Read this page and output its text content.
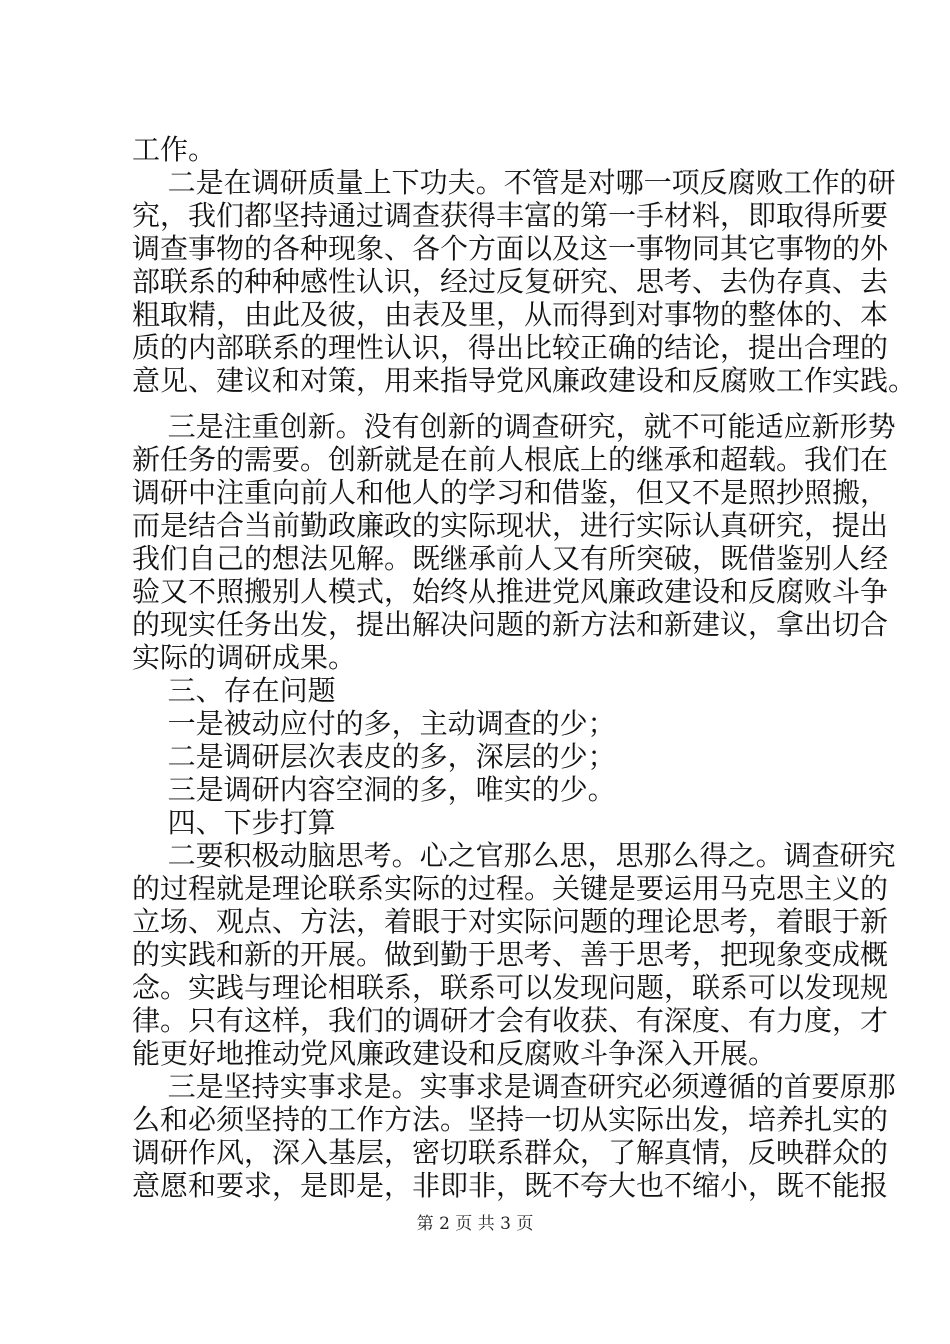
工作。
二是在调研质量上下功夫。不管是对哪一项反腐败工作的研
究，我们都坚持通过调查获得丰富的第一手材料，即取得所要
调查事物的各种现象、各个方面以及这一事物同其它事物的外
部联系的种种感性认识，经过反复研究、思考、去伪存真、去
粗取精，由此及彼，由表及里，从而得到对事物的整体的、本
质的内部联系的理性认识，得出比较正确的结论，提出合理的
意见、建议和对策，用来指导党风廉政建设和反腐败工作实践。
三是注重创新。没有创新的调查研究，就不可能适应新形势
新任务的需要。创新就是在前人根底上的继承和超载。我们在
调研中注重向前人和他人的学习和借鉴，但又不是照抄照搬，
而是结合当前勤政廉政的实际现状，进行实际认真研究，提出
我们自己的想法见解。既继承前人又有所突破，既借鉴别人经
验又不照搬别人模式，始终从推进党风廉政建设和反腐败斗争
的现实任务出发，提出解决问题的新方法和新建议，拿出切合
实际的调研成果。
三、存在问题
一是被动应付的多，主动调查的少；
二是调研层次表皮的多，深层的少；
三是调研内容空洞的多，唯实的少。
四、下步打算
二要积极动脑思考。心之官那么思，思那么得之。调查研究
的过程就是理论联系实际的过程。关键是要运用马克思主义的
立场、观点、方法，着眼于对实际问题的理论思考，着眼于新
的实践和新的开展。做到勤于思考、善于思考，把现象变成概
念。实践与理论相联系，联系可以发现问题，联系可以发现规
律。只有这样，我们的调研才会有收获、有深度、有力度，才
能更好地推动党风廉政建设和反腐败斗争深入开展。
三是坚持实事求是。实事求是调查研究必须遵循的首要原那
么和必须坚持的工作方法。坚持一切从实际出发，培养扎实的
调研作风，深入基层，密切联系群众，了解真情，反映群众的
意愿和要求，是即是，非即非，既不夸大也不缩小，既不能报
第 2 页 共 3 页
